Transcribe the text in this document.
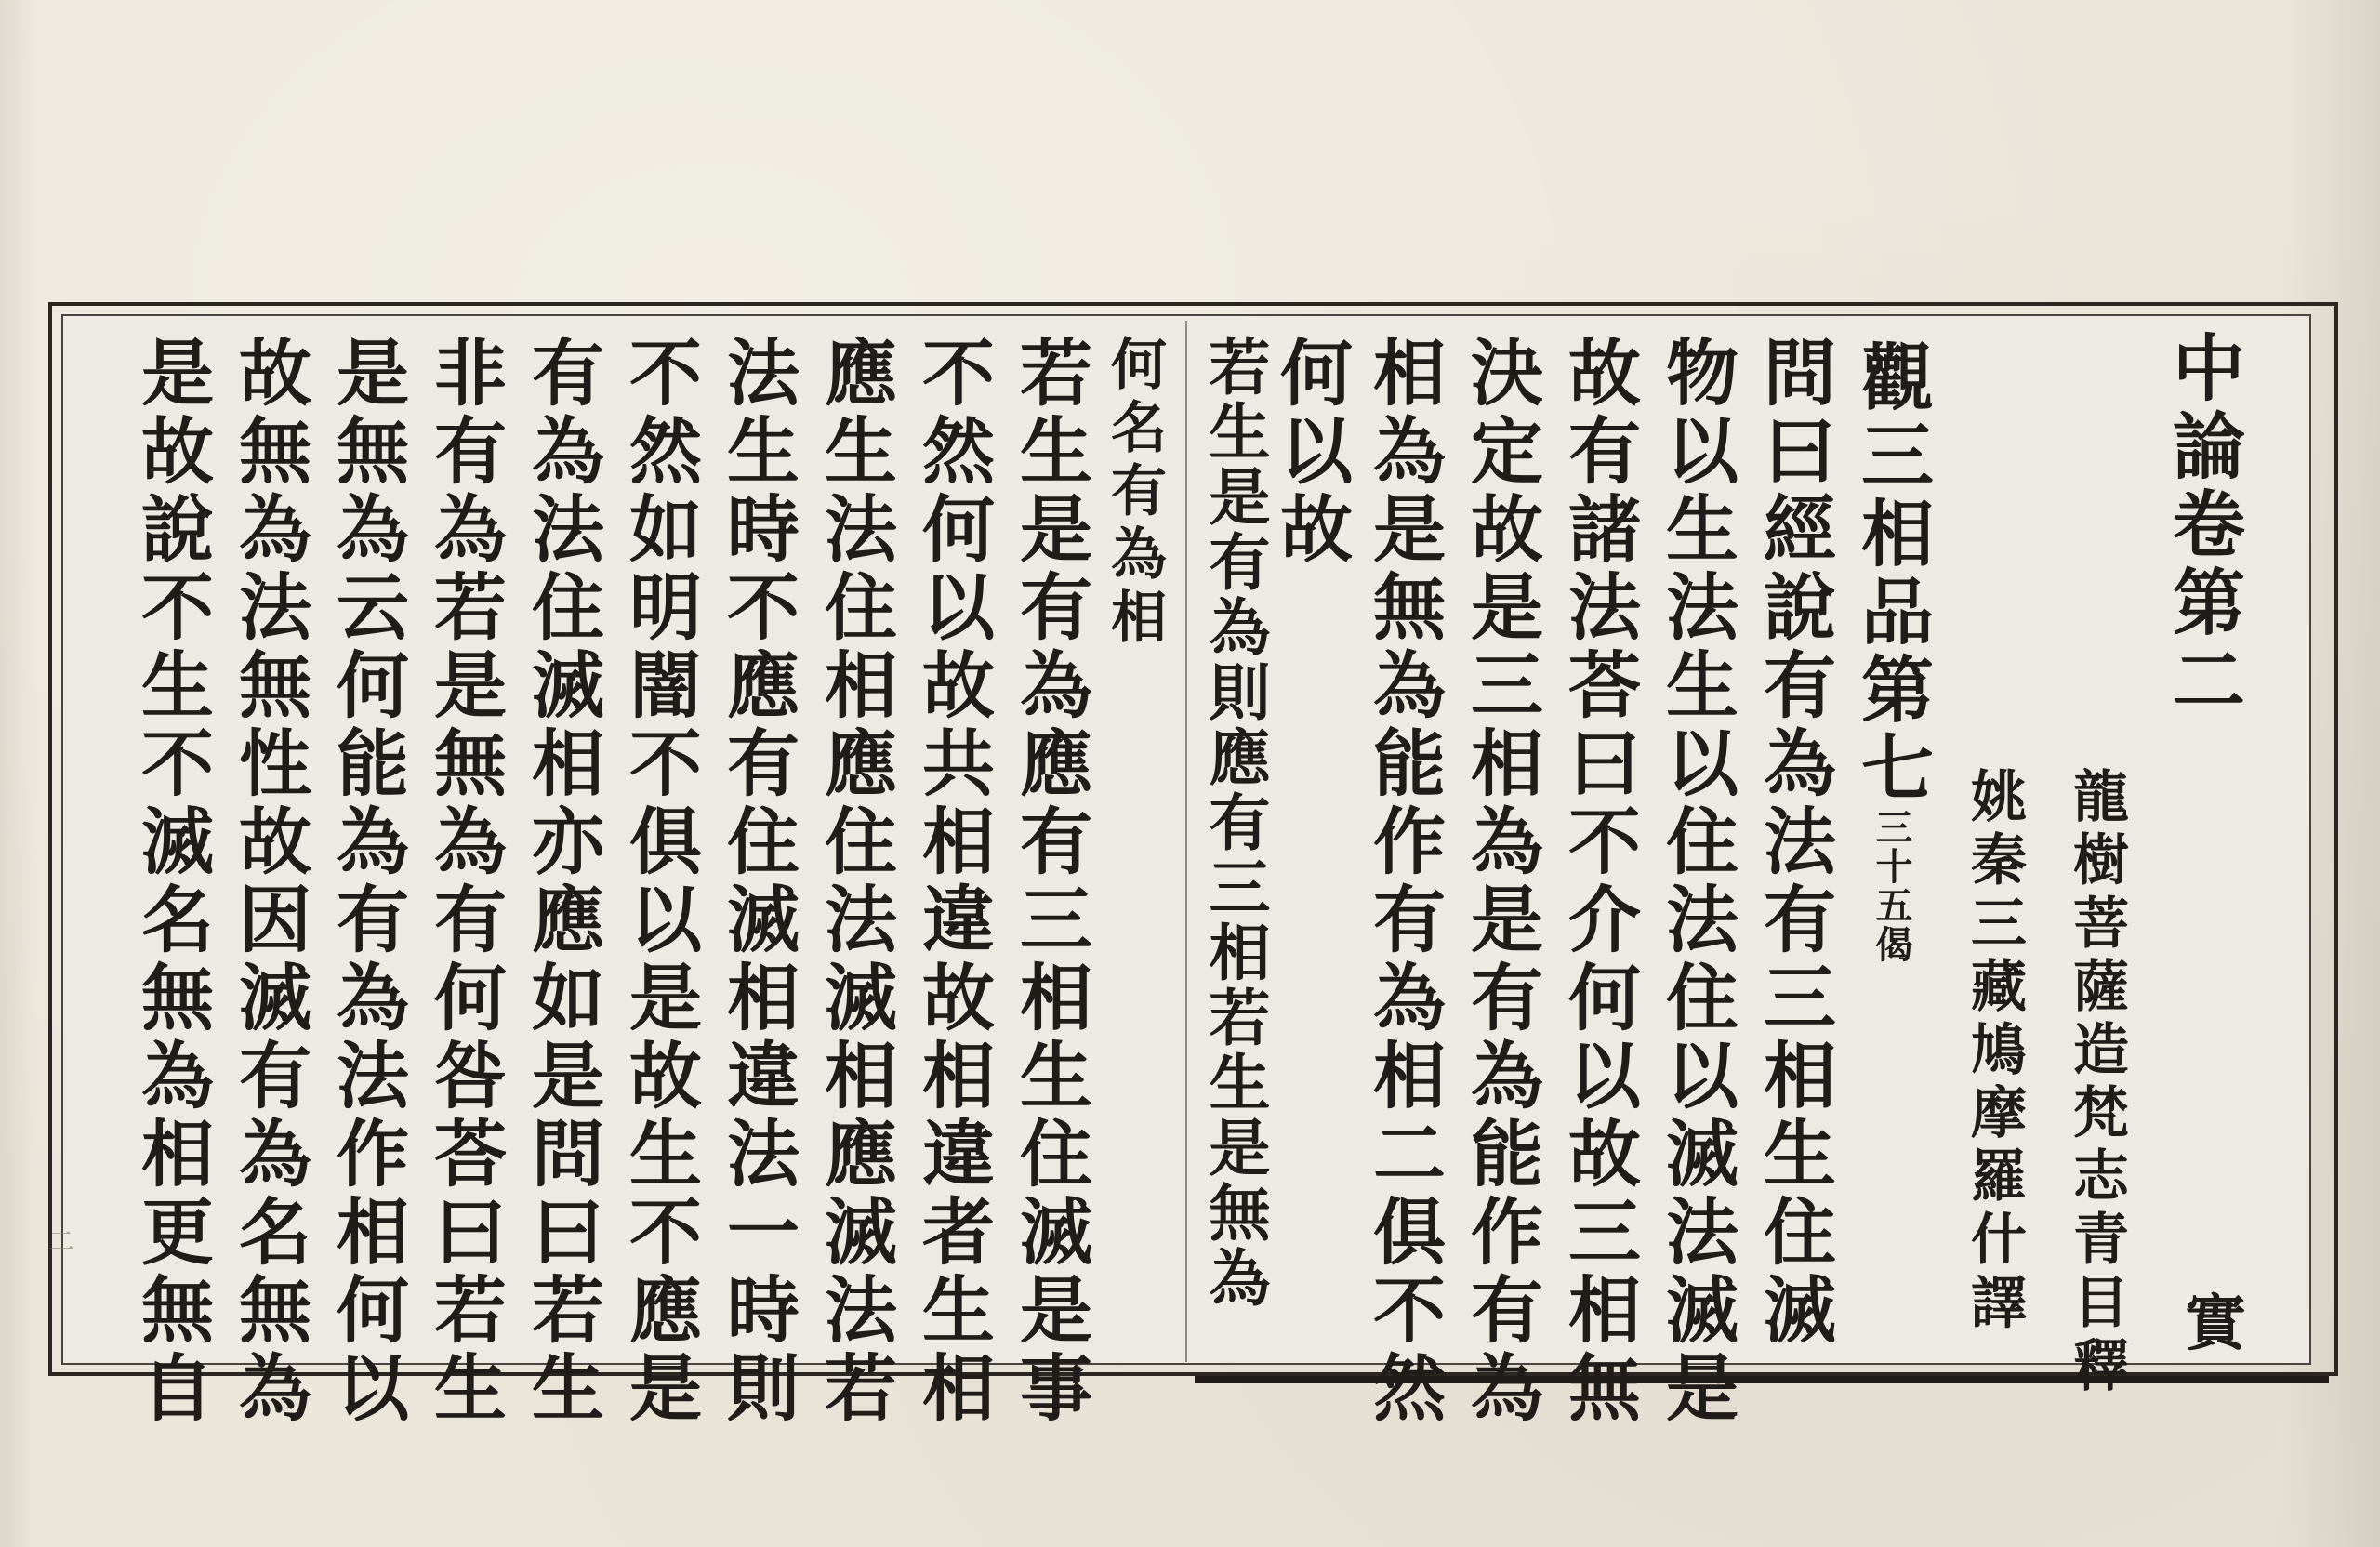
中論卷第二
龍樹菩薩造梵志青目釋
姚秦三藏鳩摩羅什譯	實
觀三相品第七三十五偈
問曰經說有為法有三相生住滅
物以生法生以住法住以滅法滅是
故有諸法荅曰不介何以故三相無
決定故是三相為是有為能作有為
相為是無為能作有為相二俱不然
何以故
若生是有為則應有三相若生是無為
何名有為相
若生是有為應有三相生住滅是事
不然何以故共相違故相違者生相
應生法住相應住法滅相應滅法若
法生時不應有住滅相違法一時則
不然如明闇不俱以是故生不應是
有為法住滅相亦應如是問曰若生
非有為若是無為有何咎荅曰若生
是無為云何能為有為法作相何以
故無為法無性故因滅有為名無為
是故說不生不滅名無為相更無自
二
